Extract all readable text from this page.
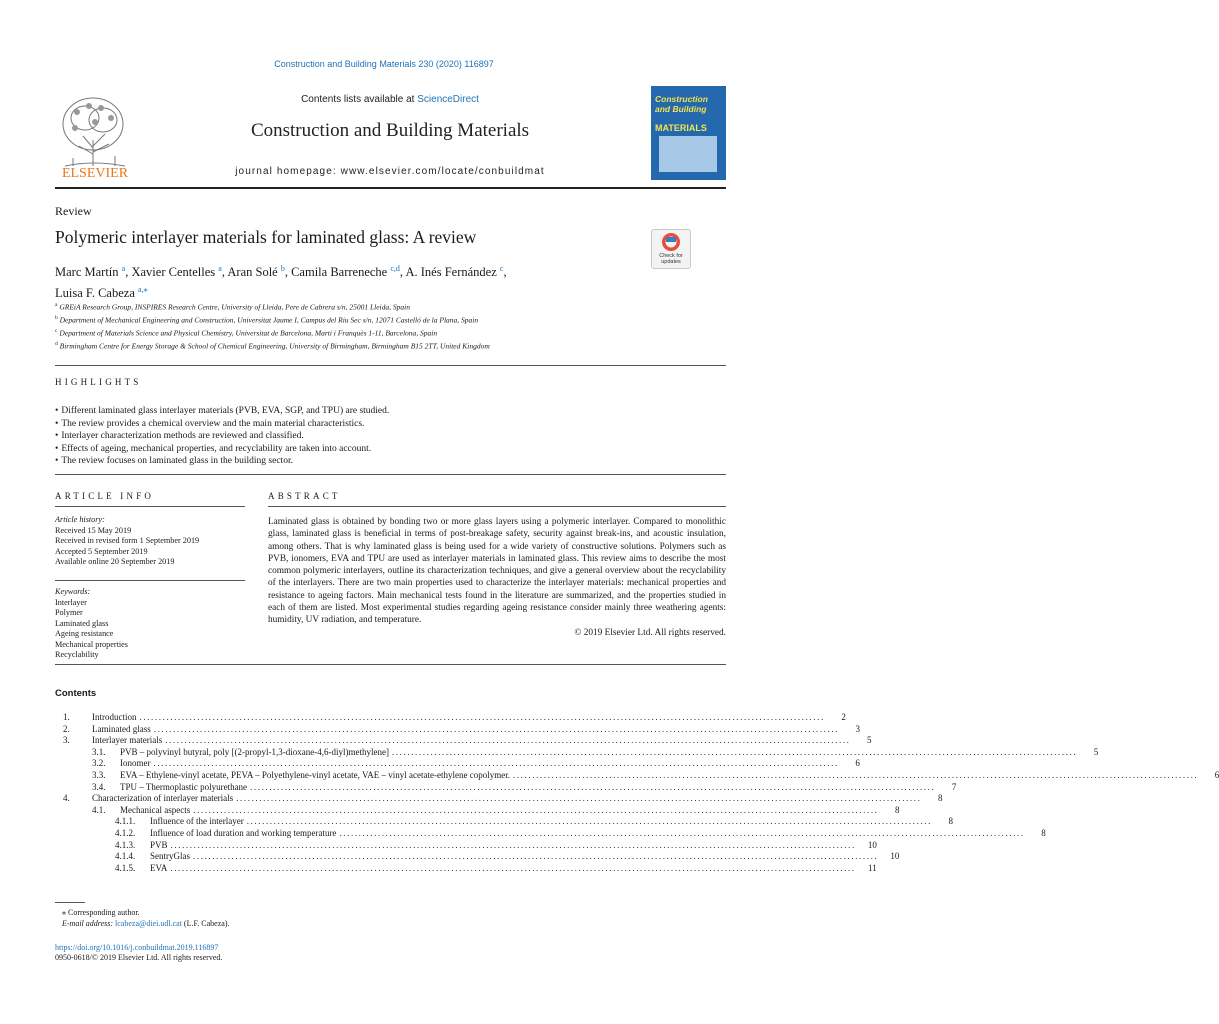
Construction and Building Materials 230 (2020) 116897
ELSEVIER
Contents lists available at ScienceDirect
Construction and Building Materials
journal homepage: www.elsevier.com/locate/conbuildmat
Construction and Building
MATERIALS
Review
Polymeric interlayer materials for laminated glass: A review
Check for updates
Marc Martín $^a$, Xavier Centelles $^a$, Aran Solé $^b$, Camila Barreneche $^{c,d}$, A. Inés Fernández $^c$,
Luisa F. Cabeza $^{a,⁎}$
$^a$ GREiA Research Group, INSPIRES Research Centre, University of Lleida, Pere de Cabrera s/n, 25001 Lleida, Spain
$^b$ Department of Mechanical Engineering and Construction, Universitat Jaume I, Campus del Riu Sec s/n, 12071 Castelló de la Plana, Spain
$^c$ Department of Materials Science and Physical Chemistry, Universitat de Barcelona, Martí i Franquès 1-11, Barcelona, Spain
$^d$ Birmingham Centre for Energy Storage & School of Chemical Engineering, University of Birmingham, Birmingham B15 2TT, United Kingdom
HIGHLIGHTS
• Different laminated glass interlayer materials (PVB, EVA, SGP, and TPU) are studied.
• The review provides a chemical overview and the main material characteristics.
• Interlayer characterization methods are reviewed and classified.
• Effects of ageing, mechanical properties, and recyclability are taken into account.
• The review focuses on laminated glass in the building sector.
ARTICLE INFO
Article history:
Received 15 May 2019
Received in revised form 1 September 2019
Accepted 5 September 2019
Available online 20 September 2019
Keywords:
Interlayer
Polymer
Laminated glass
Ageing resistance
Mechanical properties
Recyclability
ABSTRACT
Laminated glass is obtained by bonding two or more glass layers using a polymeric interlayer. Compared to monolithic glass, laminated glass is beneficial in terms of post-breakage safety, security against break-ins, and acoustic insulation, among others. That is why laminated glass is being used for a wide variety of constructive solutions. Polymers such as PVB, ionomers, EVA and TPU are used as interlayer materials in laminated glass. This review aims to describe the most common polymeric interlayers, outline its characterization techniques, and give a general overview about the recyclability of the interlayers. There are two main properties used to characterize the interlayer materials: mechanical properties and resistance to ageing factors. Main mechanical tests found in the literature are summarized, and the properties studied in each of them are listed. Most experimental studies regarding ageing resistance consider mainly three weathering agents: humidity, UV radiation, and temperature.
© 2019 Elsevier Ltd. All rights reserved.
Contents
1.	Introduction ..................................................................................................................................................................................	2
2.	Laminated glass ..................................................................................................................................................................................	3
3.	Interlayer materials ..................................................................................................................................................................................	5
3.1.	PVB – polyvinyl butyral, poly [(2-propyl-1,3-dioxane-4,6-diyl)methylene] ..................................................................................................................................................................................	5
3.2.	Ionomer ..................................................................................................................................................................................	6
3.3.	EVA – Ethylene-vinyl acetate, PEVA – Polyethylene-vinyl acetate, VAE – vinyl acetate-ethylene copolymer. ..................................................................................................................................................................................	6
3.4.	TPU – Thermoplastic polyurethane ..................................................................................................................................................................................	7
4.	Characterization of interlayer materials ..................................................................................................................................................................................	8
4.1.	Mechanical aspects ..................................................................................................................................................................................	8
4.1.1.	Influence of the interlayer ..................................................................................................................................................................................	8
4.1.2.	Influence of load duration and working temperature ..................................................................................................................................................................................	8
4.1.3.	PVB ..................................................................................................................................................................................	10
4.1.4.	SentryGlas ..................................................................................................................................................................................	10
4.1.5.	EVA ..................................................................................................................................................................................	11
⁎ Corresponding author.
E-mail address: lcabeza@diei.udl.cat (L.F. Cabeza).
https://doi.org/10.1016/j.conbuildmat.2019.116897
0950-0618/© 2019 Elsevier Ltd. All rights reserved.
